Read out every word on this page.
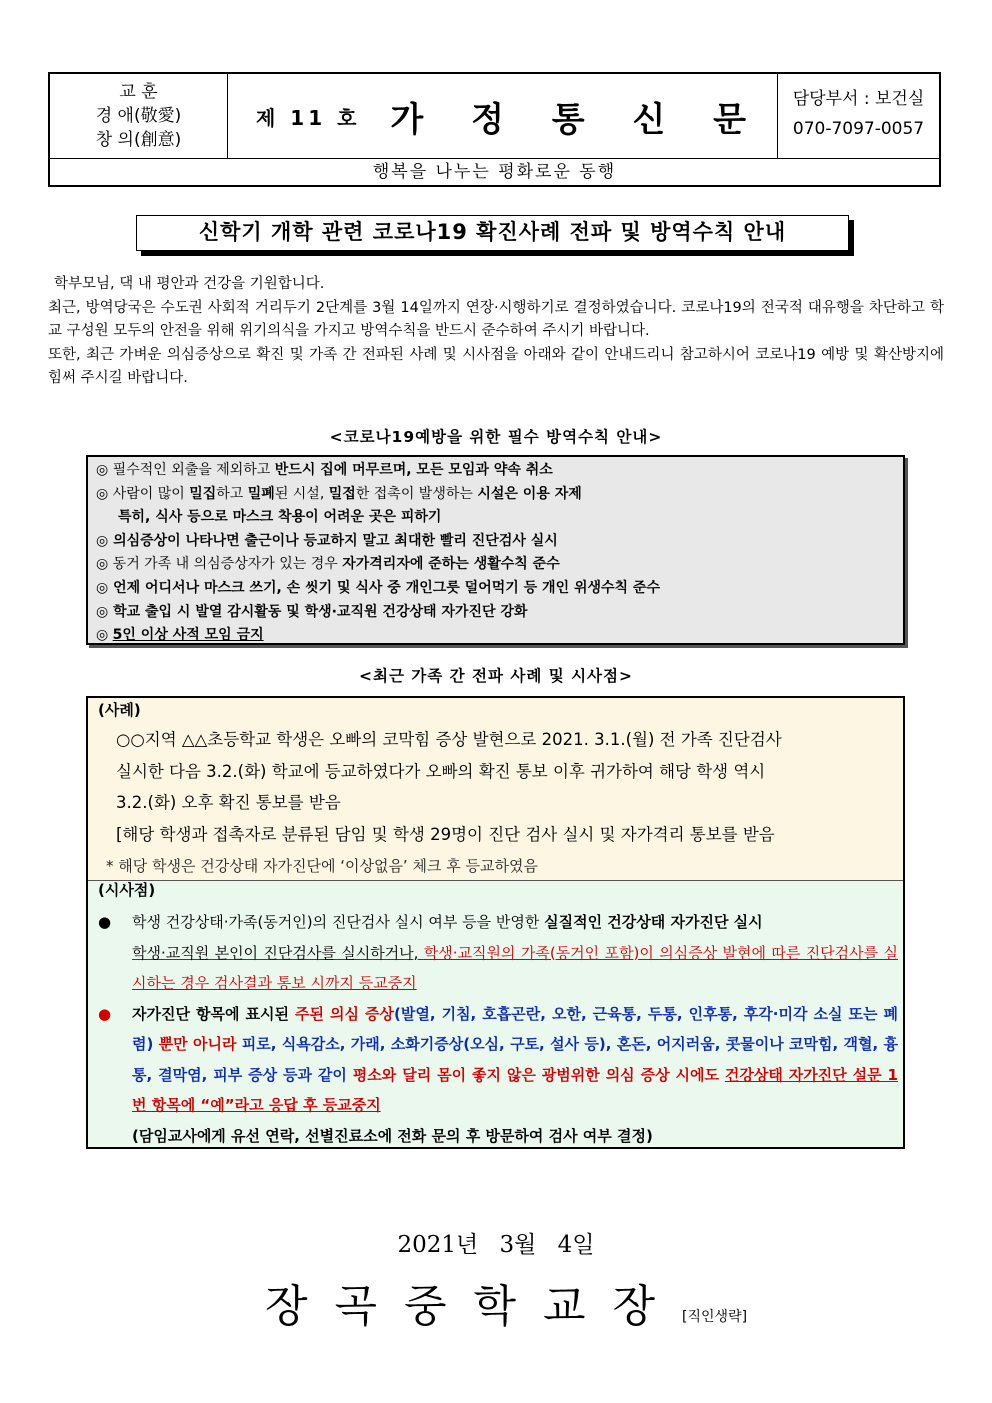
교 훈
경 애(敬愛)
창 의(創意)
제 11 호 가 정 통 신 문
담당부서 : 보건실
070-7097-0057
행복을 나누는 평화로운 동행
신학기 개학 관련 코로나19 확진사례 전파 및 방역수칙 안내

학부모님, 댁 내 평안과 건강을 기원합니다.

최근, 방역당국은 수도권 사회적 거리두기 2단계를 3월 14일까지 연장·시행하기로 결정하였습니다. 코로나19의 전국적 대유행을 차단하고 학교 구성원 모두의 안전을 위해 위기의식을 가지고 방역수칙을 반드시 준수하여 주시기 바랍니다.

또한, 최근 가벼운 의심증상으로 확진 및 가족 간 전파된 사례 및 시사점을 아래와 같이 안내드리니 참고하시어 코로나19 예방 및 확산방지에 힘써 주시길 바랍니다.

<코로나19예방을 위한 필수 방역수칙 안내>
◎ 필수적인 외출을 제외하고 반드시 집에 머무르며, 모든 모임과 약속 취소
◎ 사람이 많이 밀집하고 밀폐된 시설, 밀접한 접촉이 발생하는 시설은 이용 자제
특히, 식사 등으로 마스크 착용이 어려운 곳은 피하기
◎ 의심증상이 나타나면 출근이나 등교하지 말고 최대한 빨리 진단검사 실시
◎ 동거 가족 내 의심증상자가 있는 경우 자가격리자에 준하는 생활수칙 준수
◎ 언제 어디서나 마스크 쓰기, 손 씻기 및 식사 중 개인그릇 덜어먹기 등 개인 위생수칙 준수
◎ 학교 출입 시 발열 감시활동 및 학생·교직원 건강상태 자가진단 강화
◎ 5인 이상 사적 모임 금지
<최근 가족 간 전파 사례 및 시사점>
(사례)
○○지역 △△초등학교 학생은 오빠의 코막힘 증상 발현으로 2021. 3.1.(월) 전 가족 진단검사
실시한 다음 3.2.(화) 학교에 등교하였다가 오빠의 확진 통보 이후 귀가하여 해당 학생 역시
3.2.(화) 오후 확진 통보를 받음
[해당 학생과 접촉자로 분류된 담임 및 학생 29명이 진단 검사 실시 및 자가격리 통보를 받음
* 해당 학생은 건강상태 자가진단에 ‘이상없음’ 체크 후 등교하였음
(시사점)
●	학생 건강상태·가족(동거인)의 진단검사 실시 여부 등을 반영한 실질적인 건강상태 자가진단 실시
학생·교직원 본인이 진단검사를 실시하거나, 학생·교직원의 가족(동거인 포함)이 의심증상 발현에 따른 진단검사를 실시하는 경우 검사결과 통보 시까지 등교중지
●	자가진단 항목에 표시된 주된 의심 증상(발열, 기침, 호흡곤란, 오한, 근육통, 두통, 인후통, 후각·미각 소실 또는 폐렴) 뿐만 아니라 피로, 식욕감소, 가래, 소화기증상(오심, 구토, 설사 등), 혼돈, 어지러움, 콧물이나 코막힘, 객혈, 흉통, 결막염, 피부 증상 등과 같이 평소와 달리 몸이 좋지 않은 광범위한 의심 증상 시에도 건강상태 자가진단 설문 1번 항목에 “예”라고 응답 후 등교중지
(담임교사에게 유선 연락, 선별진료소에 전화 문의 후 방문하여 검사 여부 결정)
2021년 3월 4일
장곡중학교장[직인생략]
